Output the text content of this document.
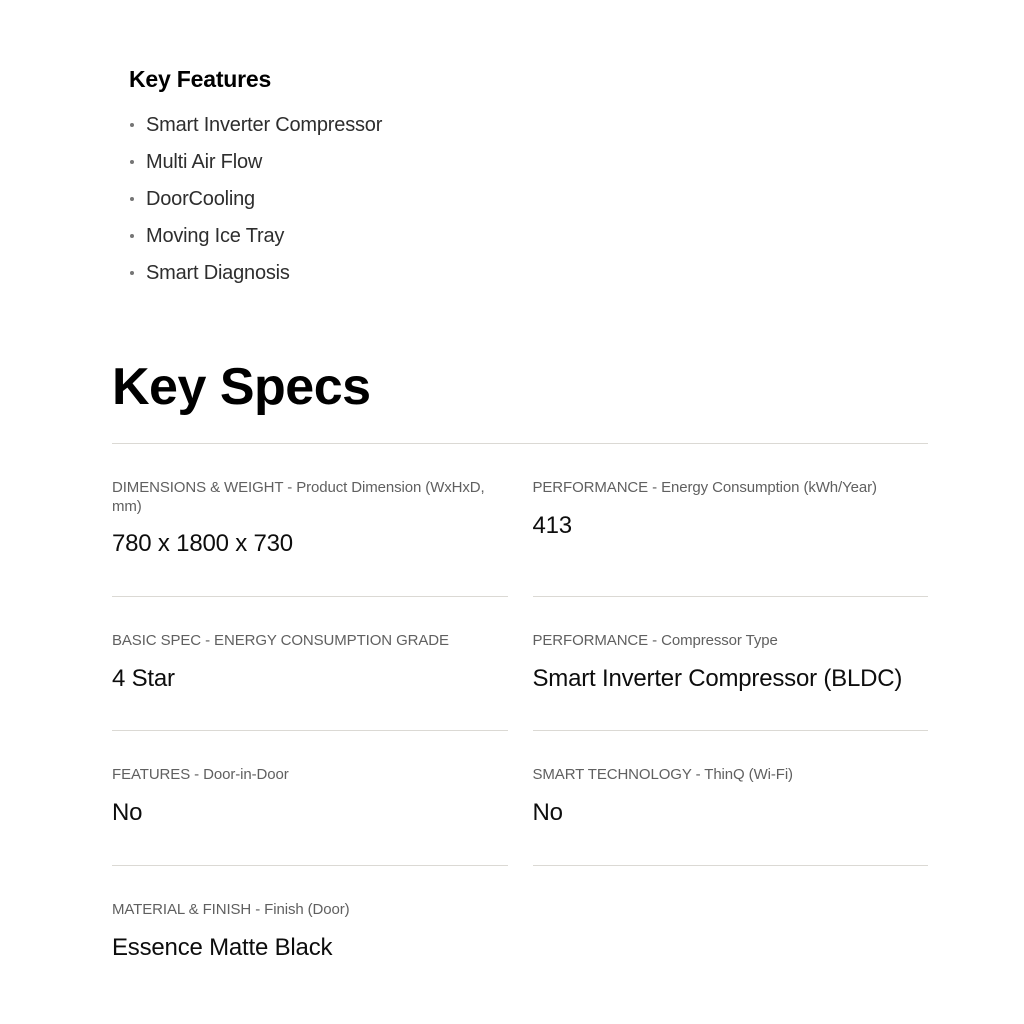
Key Features
Smart Inverter Compressor
Multi Air Flow
DoorCooling
Moving Ice Tray
Smart Diagnosis
Key Specs

DIMENSIONS & WEIGHT - Product Dimension (WxHxD, mm)

780 x 1800 x 730

PERFORMANCE - Energy Consumption (kWh/Year)

413

BASIC SPEC - ENERGY CONSUMPTION GRADE

4 Star

PERFORMANCE - Compressor Type

Smart Inverter Compressor (BLDC)

FEATURES - Door-in-Door

No

SMART TECHNOLOGY - ThinQ (Wi-Fi)

No

MATERIAL & FINISH - Finish (Door)

Essence Matte Black
